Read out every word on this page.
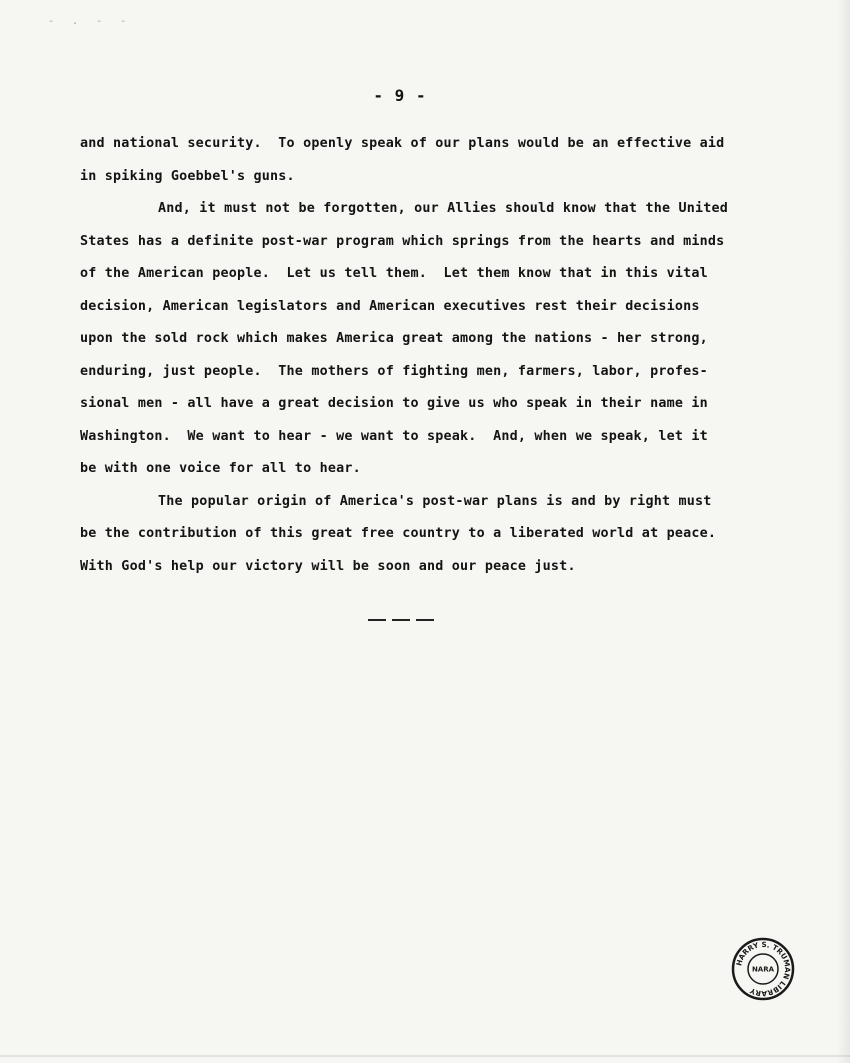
- . - -
- 9 -
and national security.  To openly speak of our plans would be an effective aid
in spiking Goebbel's guns.
And, it must not be forgotten, our Allies should know that the United
States has a definite post-war program which springs from the hearts and minds
of the American people.  Let us tell them.  Let them know that in this vital
decision, American legislators and American executives rest their decisions
upon the sold rock which makes America great among the nations - her strong,
enduring, just people.  The mothers of fighting men, farmers, labor, profes-
sional men - all have a great decision to give us who speak in their name in
Washington.  We want to hear - we want to speak.  And, when we speak, let it
be with one voice for all to hear.
The popular origin of America's post-war plans is and by right must
be the contribution of this great free country to a liberated world at peace.
With God's help our victory will be soon and our peace just.
HARRY S. TRUMAN LIBRARY
NARA
